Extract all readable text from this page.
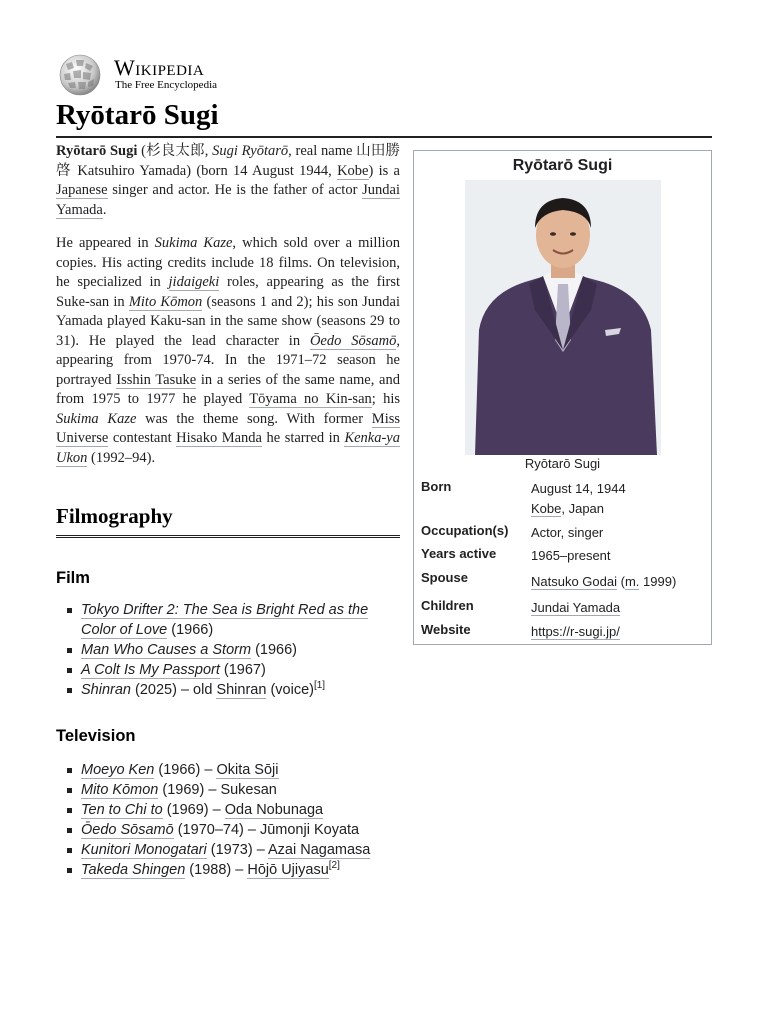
Wikipedia
The Free Encyclopedia
Ryōtarō Sugi

Ryōtarō Sugi (杉良太郎, Sugi Ryōtarō, real name 山田勝啓 Katsuhiro Yamada) (born 14 August 1944, Kobe) is a Japanese singer and actor. He is the father of actor Jundai Yamada.

He appeared in Sukima Kaze, which sold over a million copies. His acting credits include 18 films. On television, he specialized in jidaigeki roles, appearing as the first Suke-san in Mito Kōmon (seasons 1 and 2); his son Jundai Yamada played Kaku-san in the same show (seasons 29 to 31). He played the lead character in Ōedo Sōsamō, appearing from 1970-74. In the 1971–72 season he portrayed Isshin Tasuke in a series of the same name, and from 1975 to 1977 he played Tōyama no Kin-san; his Sukima Kaze was the theme song. With former Miss Universe contestant Hisako Manda he starred in Kenka-ya Ukon (1992–94).

Filmography
Film
Tokyo Drifter 2: The Sea is Bright Red as the Color of Love (1966)
Man Who Causes a Storm (1966)
A Colt Is My Passport (1967)
Shinran (2025) – old Shinran (voice)[1]
Television
Moeyo Ken (1966) – Okita Sōji
Mito Kōmon (1969) – Sukesan
Ten to Chi to (1969) – Oda Nobunaga
Ōedo Sōsamō (1970–74) – Jūmonji Koyata
Kunitori Monogatari (1973) – Azai Nagamasa
Takeda Shingen (1988) – Hōjō Ujiyasu[2]
Ryōtarō Sugi
Ryōtarō Sugi
Born	August 14, 1944
Kobe, Japan
Occupation(s) Actor, singer
Years active	1965–present
Spouse	Natsuko Godai (m. 1999)
Children	Jundai Yamada
Website	https://r-sugi.jp/
